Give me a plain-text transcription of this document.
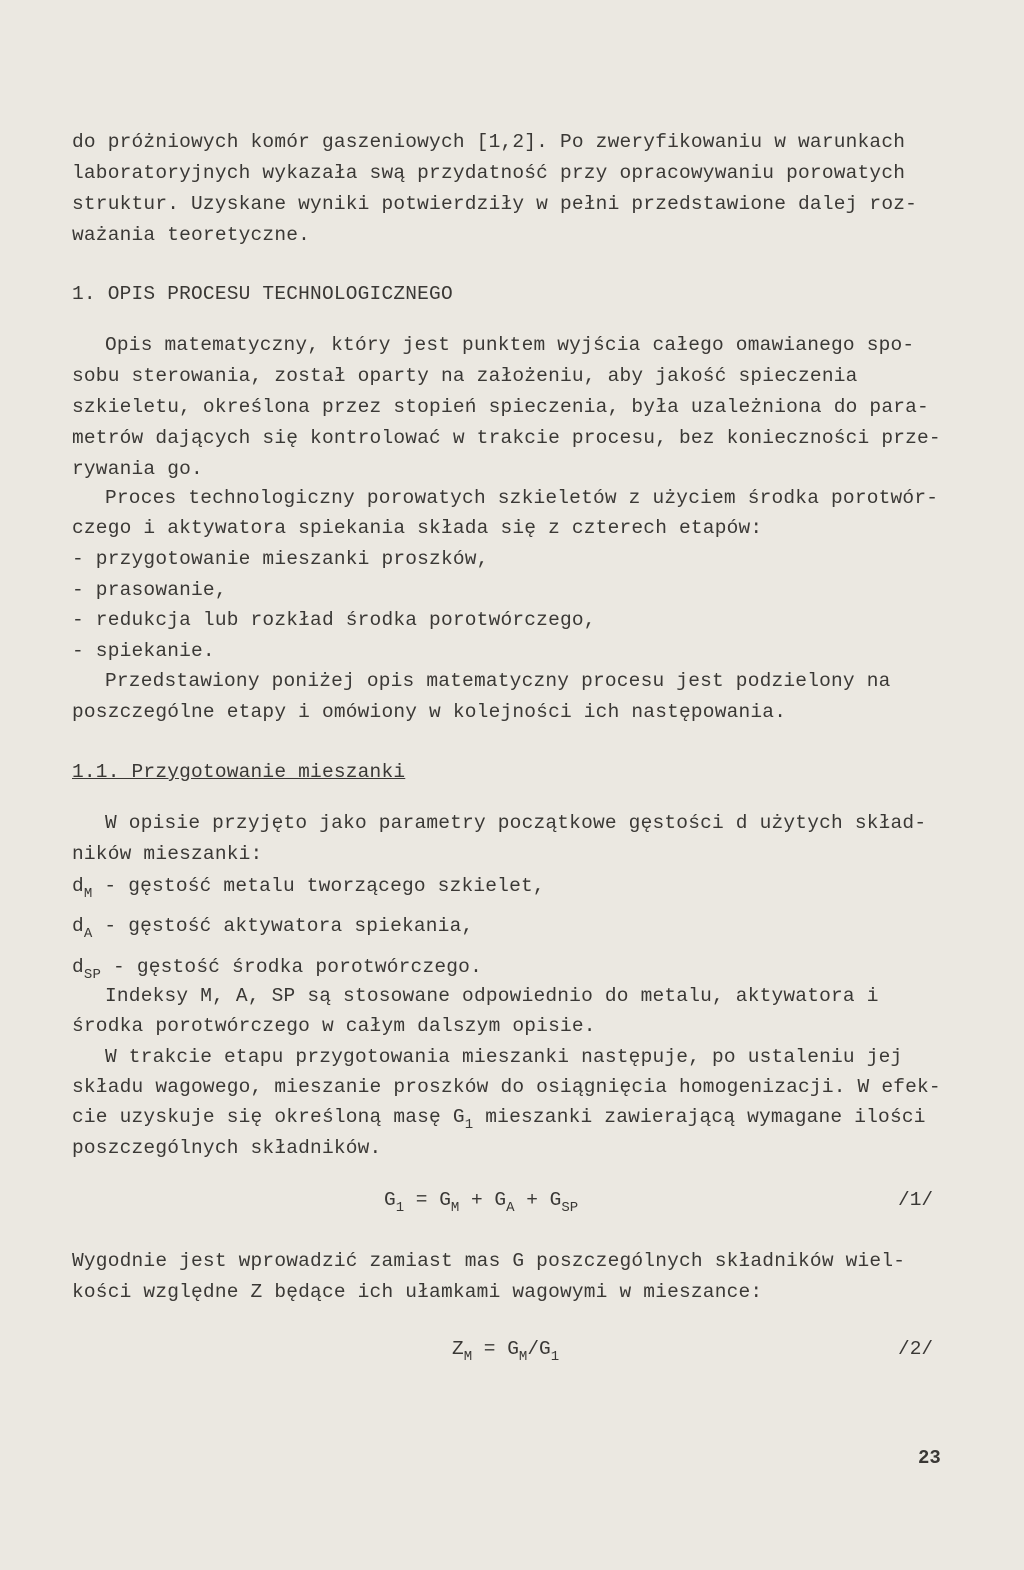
do próżniowych komór gaszeniowych [1,2]. Po zweryfikowaniu w warunkach
laboratoryjnych wykazała swą przydatność przy opracowywaniu porowatych
struktur. Uzyskane wyniki potwierdziły w pełni przedstawione dalej roz-
ważania teoretyczne.
1. OPIS PROCESU TECHNOLOGICZNEGO
Opis matematyczny, który jest punktem wyjścia całego omawianego spo-
sobu sterowania, został oparty na założeniu, aby jakość spieczenia
szkieletu, określona przez stopień spieczenia, była uzależniona do para-
metrów dających się kontrolować w trakcie procesu, bez konieczności prze-
rywania go.
Proces technologiczny porowatych szkieletów z użyciem środka porotwór-
czego i aktywatora spiekania składa się z czterech etapów:
- przygotowanie mieszanki proszków,
- prasowanie,
- redukcja lub rozkład środka porotwórczego,
- spiekanie.
Przedstawiony poniżej opis matematyczny procesu jest podzielony na
poszczególne etapy i omówiony w kolejności ich następowania.
1.1. Przygotowanie mieszanki
W opisie przyjęto jako parametry początkowe gęstości d użytych skład-
ników mieszanki:
$d_M$ - gęstość metalu tworzącego szkielet,
$d_A$ - gęstość aktywatora spiekania,
$d_{SP}$ - gęstość środka porotwórczego.
Indeksy M, A, SP są stosowane odpowiednio do metalu, aktywatora i
środka porotwórczego w całym dalszym opisie.
W trakcie etapu przygotowania mieszanki następuje, po ustaleniu jej
składu wagowego, mieszanie proszków do osiągnięcia homogenizacji. W efek-
cie uzyskuje się określoną masę $G_1$ mieszanki zawierającą wymagane ilości
poszczególnych składników.
$G_1 = G_M + G_A + G_{SP}$	/1/
Wygodnie jest wprowadzić zamiast mas G poszczególnych składników wiel-
kości względne Z będące ich ułamkami wagowymi w mieszance:
$Z_M = G_M/G_1$	/2/
23
